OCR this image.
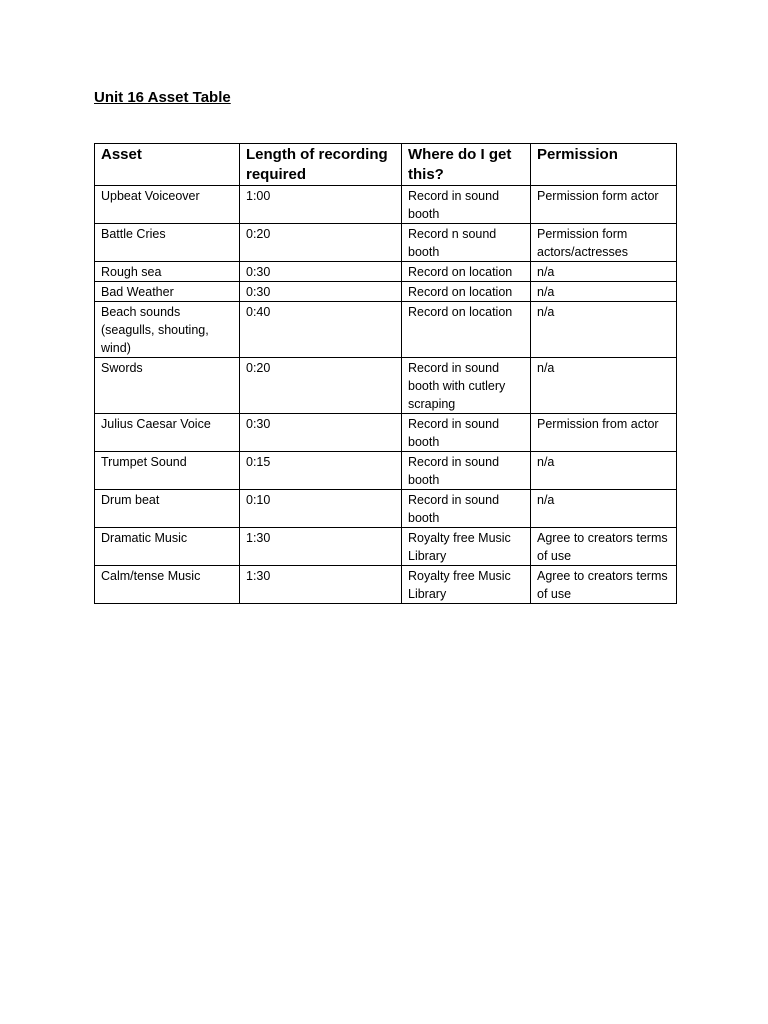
Unit 16 Asset Table
Asset	Length of recording required	Where do I get this?	Permission
Upbeat Voiceover	1:00	Record in sound booth	Permission form actor
Battle Cries	0:20	Record n sound booth	Permission form actors/actresses
Rough sea	0:30	Record on location	n/a
Bad Weather	0:30	Record on location	n/a
Beach sounds (seagulls, shouting, wind)	0:40	Record on location	n/a
Swords	0:20	Record in sound booth with cutlery scraping	n/a
Julius Caesar Voice	0:30	Record in sound booth	Permission from actor
Trumpet Sound	0:15	Record in sound booth	n/a
Drum beat	0:10	Record in sound booth	n/a
Dramatic Music	1:30	Royalty free Music Library	Agree to creators terms of use
Calm/tense Music	1:30	Royalty free Music Library	Agree to creators terms of use
